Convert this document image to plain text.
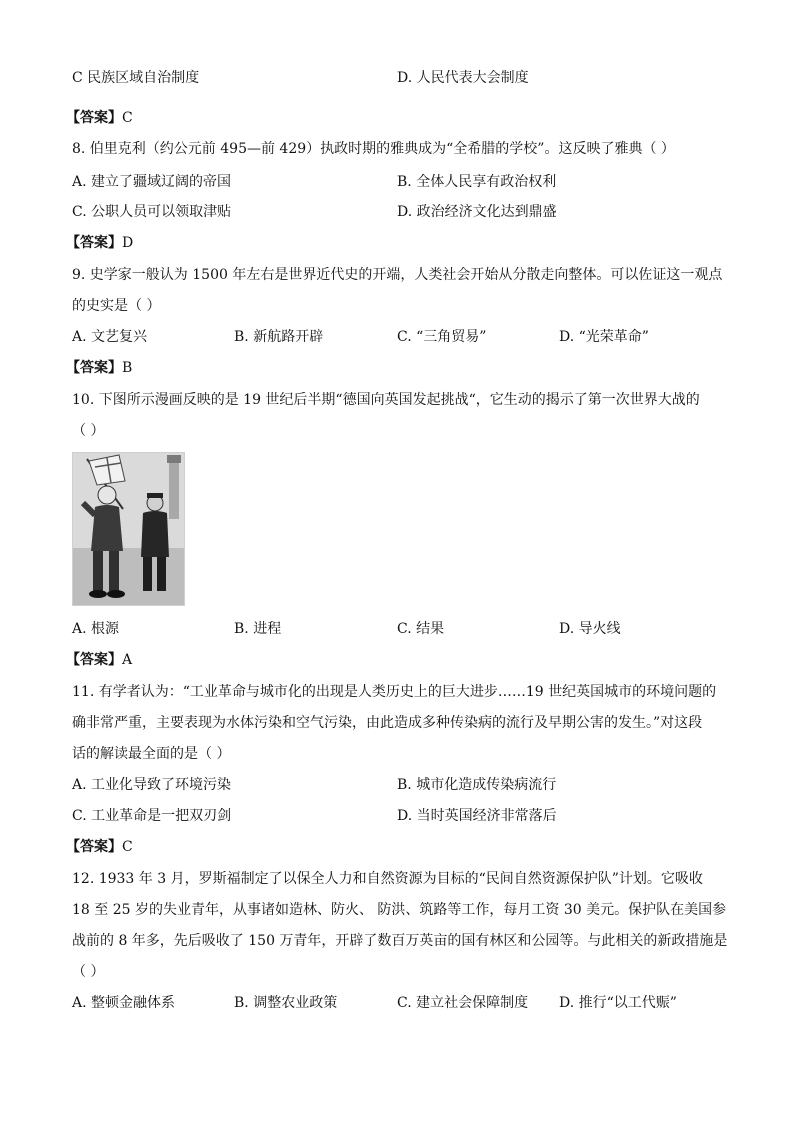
C 民族区域自治制度	D. 人民代表大会制度
【答案】C
8. 伯里克利（约公元前 495—前 429）执政时期的雅典成为“全希腊的学校”。这反映了雅典（ ）
A. 建立了疆域辽阔的帝国	B. 全体人民享有政治权利
C. 公职人员可以领取津贴	D. 政治经济文化达到鼎盛
【答案】D
9. 史学家一般认为 1500 年左右是世界近代史的开端，人类社会开始从分散走向整体。可以佐证这一观点
的史实是（ ）
A. 文艺复兴	B. 新航路开辟	C. “三角贸易”	D. “光荣革命”
【答案】B
10. 下图所示漫画反映的是 19 世纪后半期“德国向英国发起挑战“，它生动的揭示了第一次世界大战的
（ ）
A. 根源	B. 进程	C. 结果	D. 导火线
【答案】A
11. 有学者认为：“工业革命与城市化的出现是人类历史上的巨大进步……19 世纪英国城市的环境问题的
确非常严重，主要表现为水体污染和空气污染，由此造成多种传染病的流行及早期公害的发生。”对这段
话的解读最全面的是（ ）
A. 工业化导致了环境污染	B. 城市化造成传染病流行
C. 工业革命是一把双刃剑	D. 当时英国经济非常落后
【答案】C
12. 1933 年 3 月，罗斯福制定了以保全人力和自然资源为目标的“民间自然资源保护队”计划。它吸收
18 至 25 岁的失业青年，从事诸如造林、防火、 防洪、筑路等工作，每月工资 30 美元。保护队在美国参
战前的 8 年多，先后吸收了 150 万青年，开辟了数百万英亩的国有林区和公园等。与此相关的新政措施是
（ ）
A. 整顿金融体系	B. 调整农业政策	C. 建立社会保障制度 D. 推行“以工代赈”
